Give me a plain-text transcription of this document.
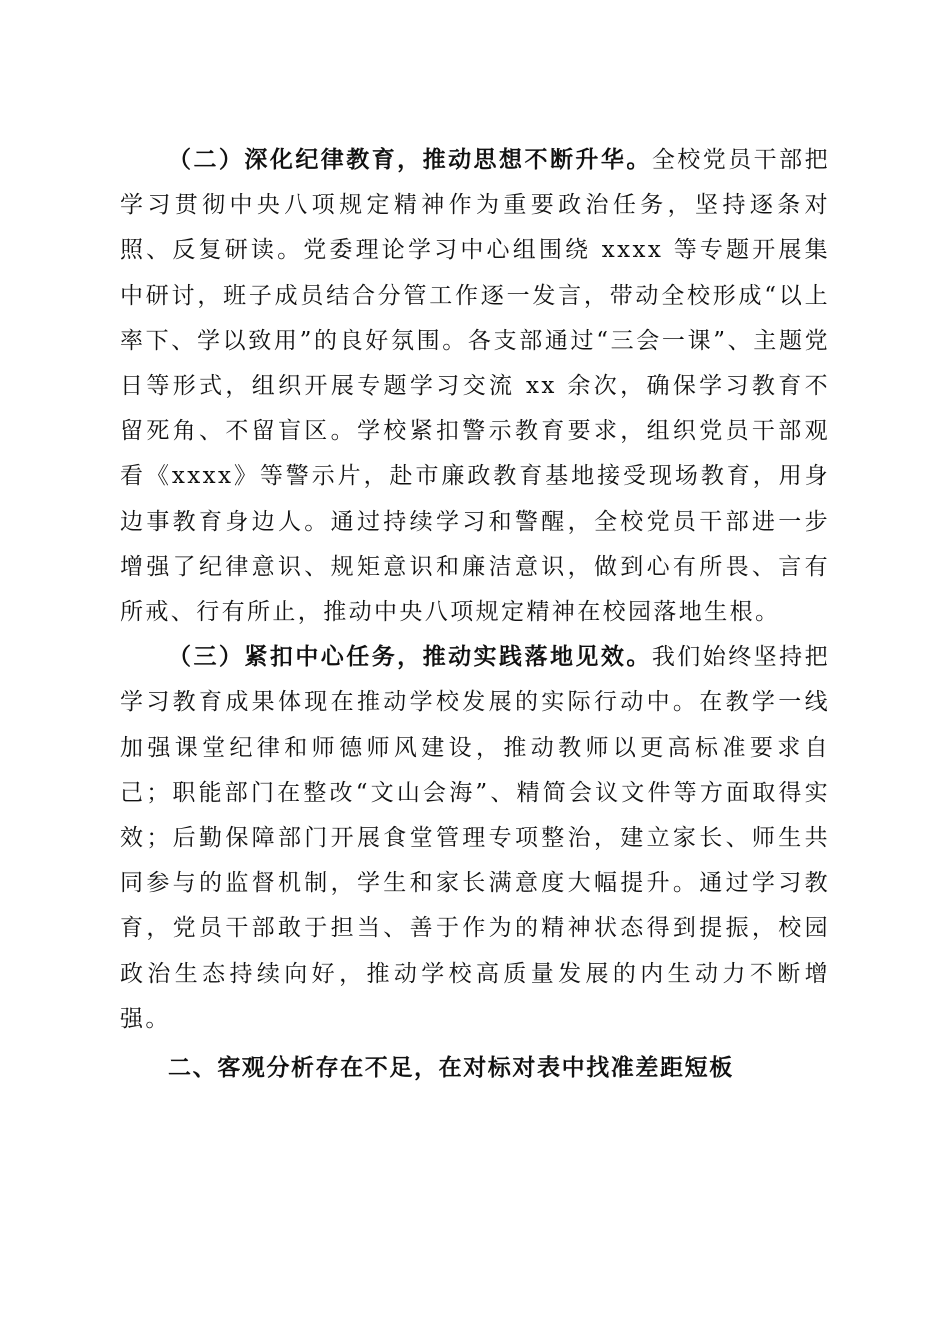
（二）深化纪律教育，推动思想不断升华。全校党员干部把学习贯彻中央八项规定精神作为重要政治任务，坚持逐条对照、反复研读。党委理论学习中心组围绕 xxxx 等专题开展集中研讨，班子成员结合分管工作逐一发言，带动全校形成“以上率下、学以致用”的良好氛围。各支部通过“三会一课”、主题党日等形式，组织开展专题学习交流 xx 余次，确保学习教育不留死角、不留盲区。学校紧扣警示教育要求，组织党员干部观看《xxxx》等警示片，赴市廉政教育基地接受现场教育，用身边事教育身边人。通过持续学习和警醒，全校党员干部进一步增强了纪律意识、规矩意识和廉洁意识，做到心有所畏、言有所戒、行有所止，推动中央八项规定精神在校园落地生根。

（三）紧扣中心任务，推动实践落地见效。我们始终坚持把学习教育成果体现在推动学校发展的实际行动中。在教学一线加强课堂纪律和师德师风建设，推动教师以更高标准要求自己；职能部门在整改“文山会海”、精简会议文件等方面取得实效；后勤保障部门开展食堂管理专项整治，建立家长、师生共同参与的监督机制，学生和家长满意度大幅提升。通过学习教育，党员干部敢于担当、善于作为的精神状态得到提振，校园政治生态持续向好，推动学校高质量发展的内生动力不断增强。

二、客观分析存在不足，在对标对表中找准差距短板
